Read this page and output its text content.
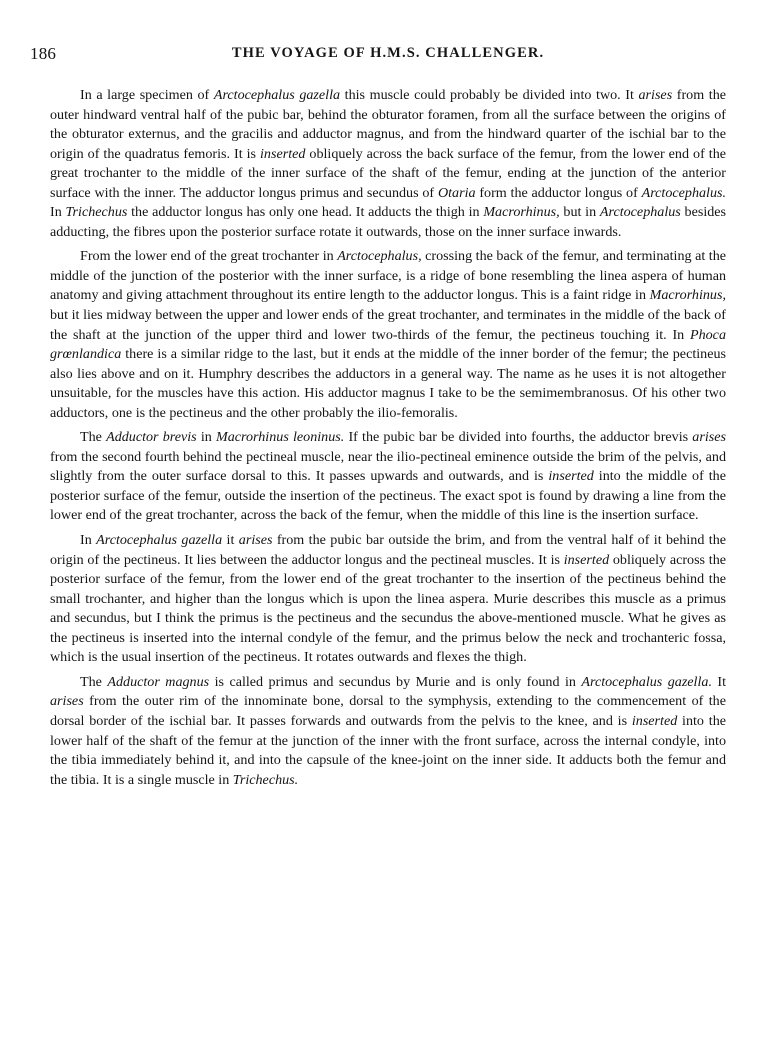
186	THE VOYAGE OF H.M.S. CHALLENGER.

In a large specimen of Arctocephalus gazella this muscle could probably be divided into two. It arises from the outer hindward ventral half of the pubic bar, behind the obturator foramen, from all the surface between the origins of the obturator externus, and the gracilis and adductor magnus, and from the hindward quarter of the ischial bar to the origin of the quadratus femoris. It is inserted obliquely across the back surface of the femur, from the lower end of the great trochanter to the middle of the inner surface of the shaft of the femur, ending at the junction of the anterior surface with the inner. The adductor longus primus and secundus of Otaria form the adductor longus of Arctocephalus. In Trichechus the adductor longus has only one head. It adducts the thigh in Macrorhinus, but in Arctocephalus besides adducting, the fibres upon the posterior surface rotate it outwards, those on the inner surface inwards.

From the lower end of the great trochanter in Arctocephalus, crossing the back of the femur, and terminating at the middle of the junction of the posterior with the inner surface, is a ridge of bone resembling the linea aspera of human anatomy and giving attachment throughout its entire length to the adductor longus. This is a faint ridge in Macrorhinus, but it lies midway between the upper and lower ends of the great trochanter, and terminates in the middle of the back of the shaft at the junction of the upper third and lower two-thirds of the femur, the pectineus touching it. In Phoca grœnlandica there is a similar ridge to the last, but it ends at the middle of the inner border of the femur; the pectineus also lies above and on it. Humphry describes the adductors in a general way. The name as he uses it is not altogether unsuitable, for the muscles have this action. His adductor magnus I take to be the semimembranosus. Of his other two adductors, one is the pectineus and the other probably the ilio-femoralis.

The Adductor brevis in Macrorhinus leoninus. If the pubic bar be divided into fourths, the adductor brevis arises from the second fourth behind the pectineal muscle, near the ilio-pectineal eminence outside the brim of the pelvis, and slightly from the outer surface dorsal to this. It passes upwards and outwards, and is inserted into the middle of the posterior surface of the femur, outside the insertion of the pectineus. The exact spot is found by drawing a line from the lower end of the great trochanter, across the back of the femur, when the middle of this line is the insertion surface.

In Arctocephalus gazella it arises from the pubic bar outside the brim, and from the ventral half of it behind the origin of the pectineus. It lies between the adductor longus and the pectineal muscles. It is inserted obliquely across the posterior surface of the femur, from the lower end of the great trochanter to the insertion of the pectineus behind the small trochanter, and higher than the longus which is upon the linea aspera. Murie describes this muscle as a primus and secundus, but I think the primus is the pectineus and the secundus the above-mentioned muscle. What he gives as the pectineus is inserted into the internal condyle of the femur, and the primus below the neck and trochanteric fossa, which is the usual insertion of the pectineus. It rotates outwards and flexes the thigh.

The Adductor magnus is called primus and secundus by Murie and is only found in Arctocephalus gazella. It arises from the outer rim of the innominate bone, dorsal to the symphysis, extending to the commencement of the dorsal border of the ischial bar. It passes forwards and outwards from the pelvis to the knee, and is inserted into the lower half of the shaft of the femur at the junction of the inner with the front surface, across the internal condyle, into the tibia immediately behind it, and into the capsule of the knee-joint on the inner side. It adducts both the femur and the tibia. It is a single muscle in Trichechus.
